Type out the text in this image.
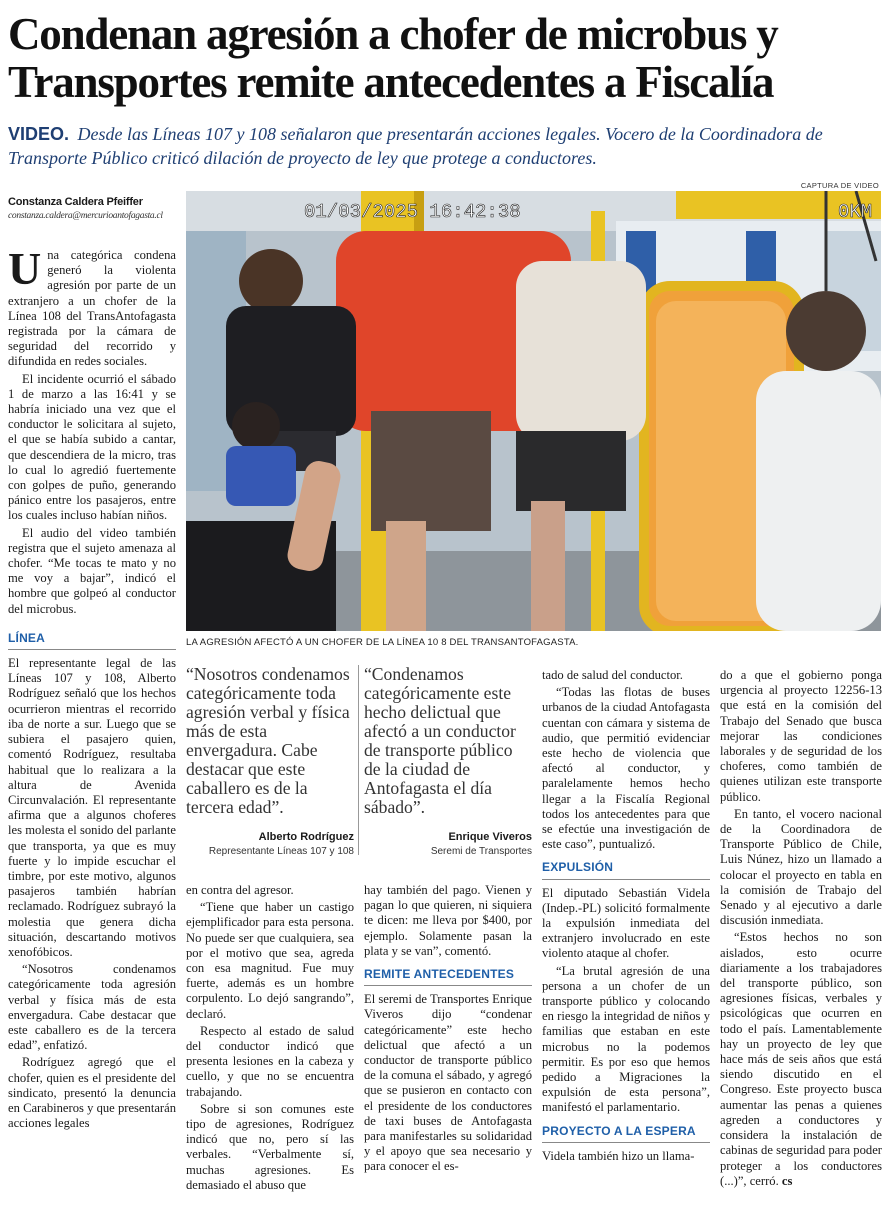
Condenan agresión a chofer de microbus y Transportes remite antecedentes a Fiscalía
VIDEO. Desde las Líneas 107 y 108 señalaron que presentarán acciones legales. Vocero de la Coordinadora de Transporte Público criticó dilación de proyecto de ley que protege a conductores.
Constanza Caldera Pfeiffer
constanza.caldera@mercurioantofagasta.cl
CAPTURA DE VIDEO
01/03/2025 16:42:38	0KM
LA AGRESIÓN AFECTÓ A UN CHOFER DE LA LÍNEA 10 8 DEL TRANSANTOFAGASTA.

Una categórica condena generó la violenta agresión por parte de un extranjero a un chofer de la Línea 108 del TransAntofagasta registrada por la cámara de seguridad del recorrido y difundida en redes sociales.

El incidente ocurrió el sábado 1 de marzo a las 16:41 y se habría iniciado una vez que el conductor le solicitara al sujeto, el que se había subido a cantar, que descendiera de la micro, tras lo cual lo agredió fuertemente con golpes de puño, generando pánico entre los pasajeros, entre los cuales incluso habían niños.

El audio del video también registra que el sujeto amenaza al chofer. “Me tocas te mato y no me voy a bajar”, indicó el hombre que golpeó al conductor del microbus.

LÍNEA

El representante legal de las Líneas 107 y 108, Alberto Rodríguez señaló que los hechos ocurrieron mientras el recorrido iba de norte a sur. Luego que se subiera el pasajero quien, comentó Rodríguez, resultaba habitual que lo realizara a la altura de Avenida Circunvalación. El representante afirma que a algunos choferes les molesta el sonido del parlante que transporta, ya que es muy fuerte y lo impide escuchar el timbre, por este motivo, algunos pasajeros también habrían reclamado. Rodríguez subrayó la molestia que genera dicha situación, descartando motivos xenofóbicos.

“Nosotros condenamos categóricamente toda agresión verbal y física más de esta envergadura. Cabe destacar que este caballero es de la tercera edad”, enfatizó.

Rodríguez agregó que el chofer, quien es el presidente del sindicato, presentó la denuncia en Carabineros y que presentarán acciones legales

“Nosotros condenamos categóricamente toda agresión verbal y física más de esta envergadura. Cabe destacar que este caballero es de la tercera edad”.
Alberto Rodríguez
Representante Líneas 107 y 108
“Condenamos categóricamente este hecho delictual que afectó a un conductor de transporte público de la ciudad de Antofagasta el día sábado”.
Enrique Viveros
Seremi de Transportes

en contra del agresor.

“Tiene que haber un castigo ejemplificador para esta persona. No puede ser que cualquiera, sea por el motivo que sea, agreda con esa magnitud. Fue muy fuerte, además es un hombre corpulento. Lo dejó sangrando”, declaró.

Respecto al estado de salud del conductor indicó que presenta lesiones en la cabeza y cuello, y que no se encuentra trabajando.

Sobre si son comunes este tipo de agresiones, Rodríguez indicó que no, pero sí las verbales. “Verbalmente sí, muchas agresiones. Es demasiado el abuso que

hay también del pago. Vienen y pagan lo que quieren, ni siquiera te dicen: me lleva por $400, por ejemplo. Solamente pasan la plata y se van”, comentó.

REMITE ANTECEDENTES

El seremi de Transportes Enrique Viveros dijo “condenar categóricamente” este hecho delictual que afectó a un conductor de transporte público de la comuna el sábado, y agregó que se pusieron en contacto con el presidente de los conductores de taxi buses de Antofagasta para manifestarles su solidaridad y el apoyo que sea necesario y para conocer el es-

tado de salud del conductor.

“Todas las flotas de buses urbanos de la ciudad Antofagasta cuentan con cámara y sistema de audio, que permitió evidenciar este hecho de violencia que afectó al conductor, y paralelamente hemos hecho llegar a la Fiscalía Regional todos los antecedentes para que se efectúe una investigación de este caso”, puntualizó.

EXPULSIÓN

El diputado Sebastián Videla (Indep.-PL) solicitó formalmente la expulsión inmediata del extranjero involucrado en este violento ataque al chofer.

“La brutal agresión de una persona a un chofer de un transporte público y colocando en riesgo la integridad de niños y familias que estaban en este microbus no la podemos permitir. Es por eso que hemos pedido a Migraciones la expulsión de esta persona”, manifestó el parlamentario.

PROYECTO A LA ESPERA

Videla también hizo un llama-

do a que el gobierno ponga urgencia al proyecto 12256-13 que está en la comisión del Trabajo del Senado que busca mejorar las condiciones laborales y de seguridad de los choferes, como también de quienes utilizan este transporte público.

En tanto, el vocero nacional de la Coordinadora de Transporte Público de Chile, Luis Núnez, hizo un llamado a colocar el proyecto en tabla en la comisión de Trabajo del Senado y al ejecutivo a darle discusión inmediata.

“Estos hechos no son aislados, esto ocurre diariamente a los trabajadores del transporte público, son agresiones físicas, verbales y psicológicas que ocurren en todo el país. Lamentablemente hay un proyecto de ley que hace más de seis años que está siendo discutido en el Congreso. Este proyecto busca aumentar las penas a quienes agreden a conductores y considera la instalación de cabinas de seguridad para poder proteger a los conductores (...)”, cerró. cs
